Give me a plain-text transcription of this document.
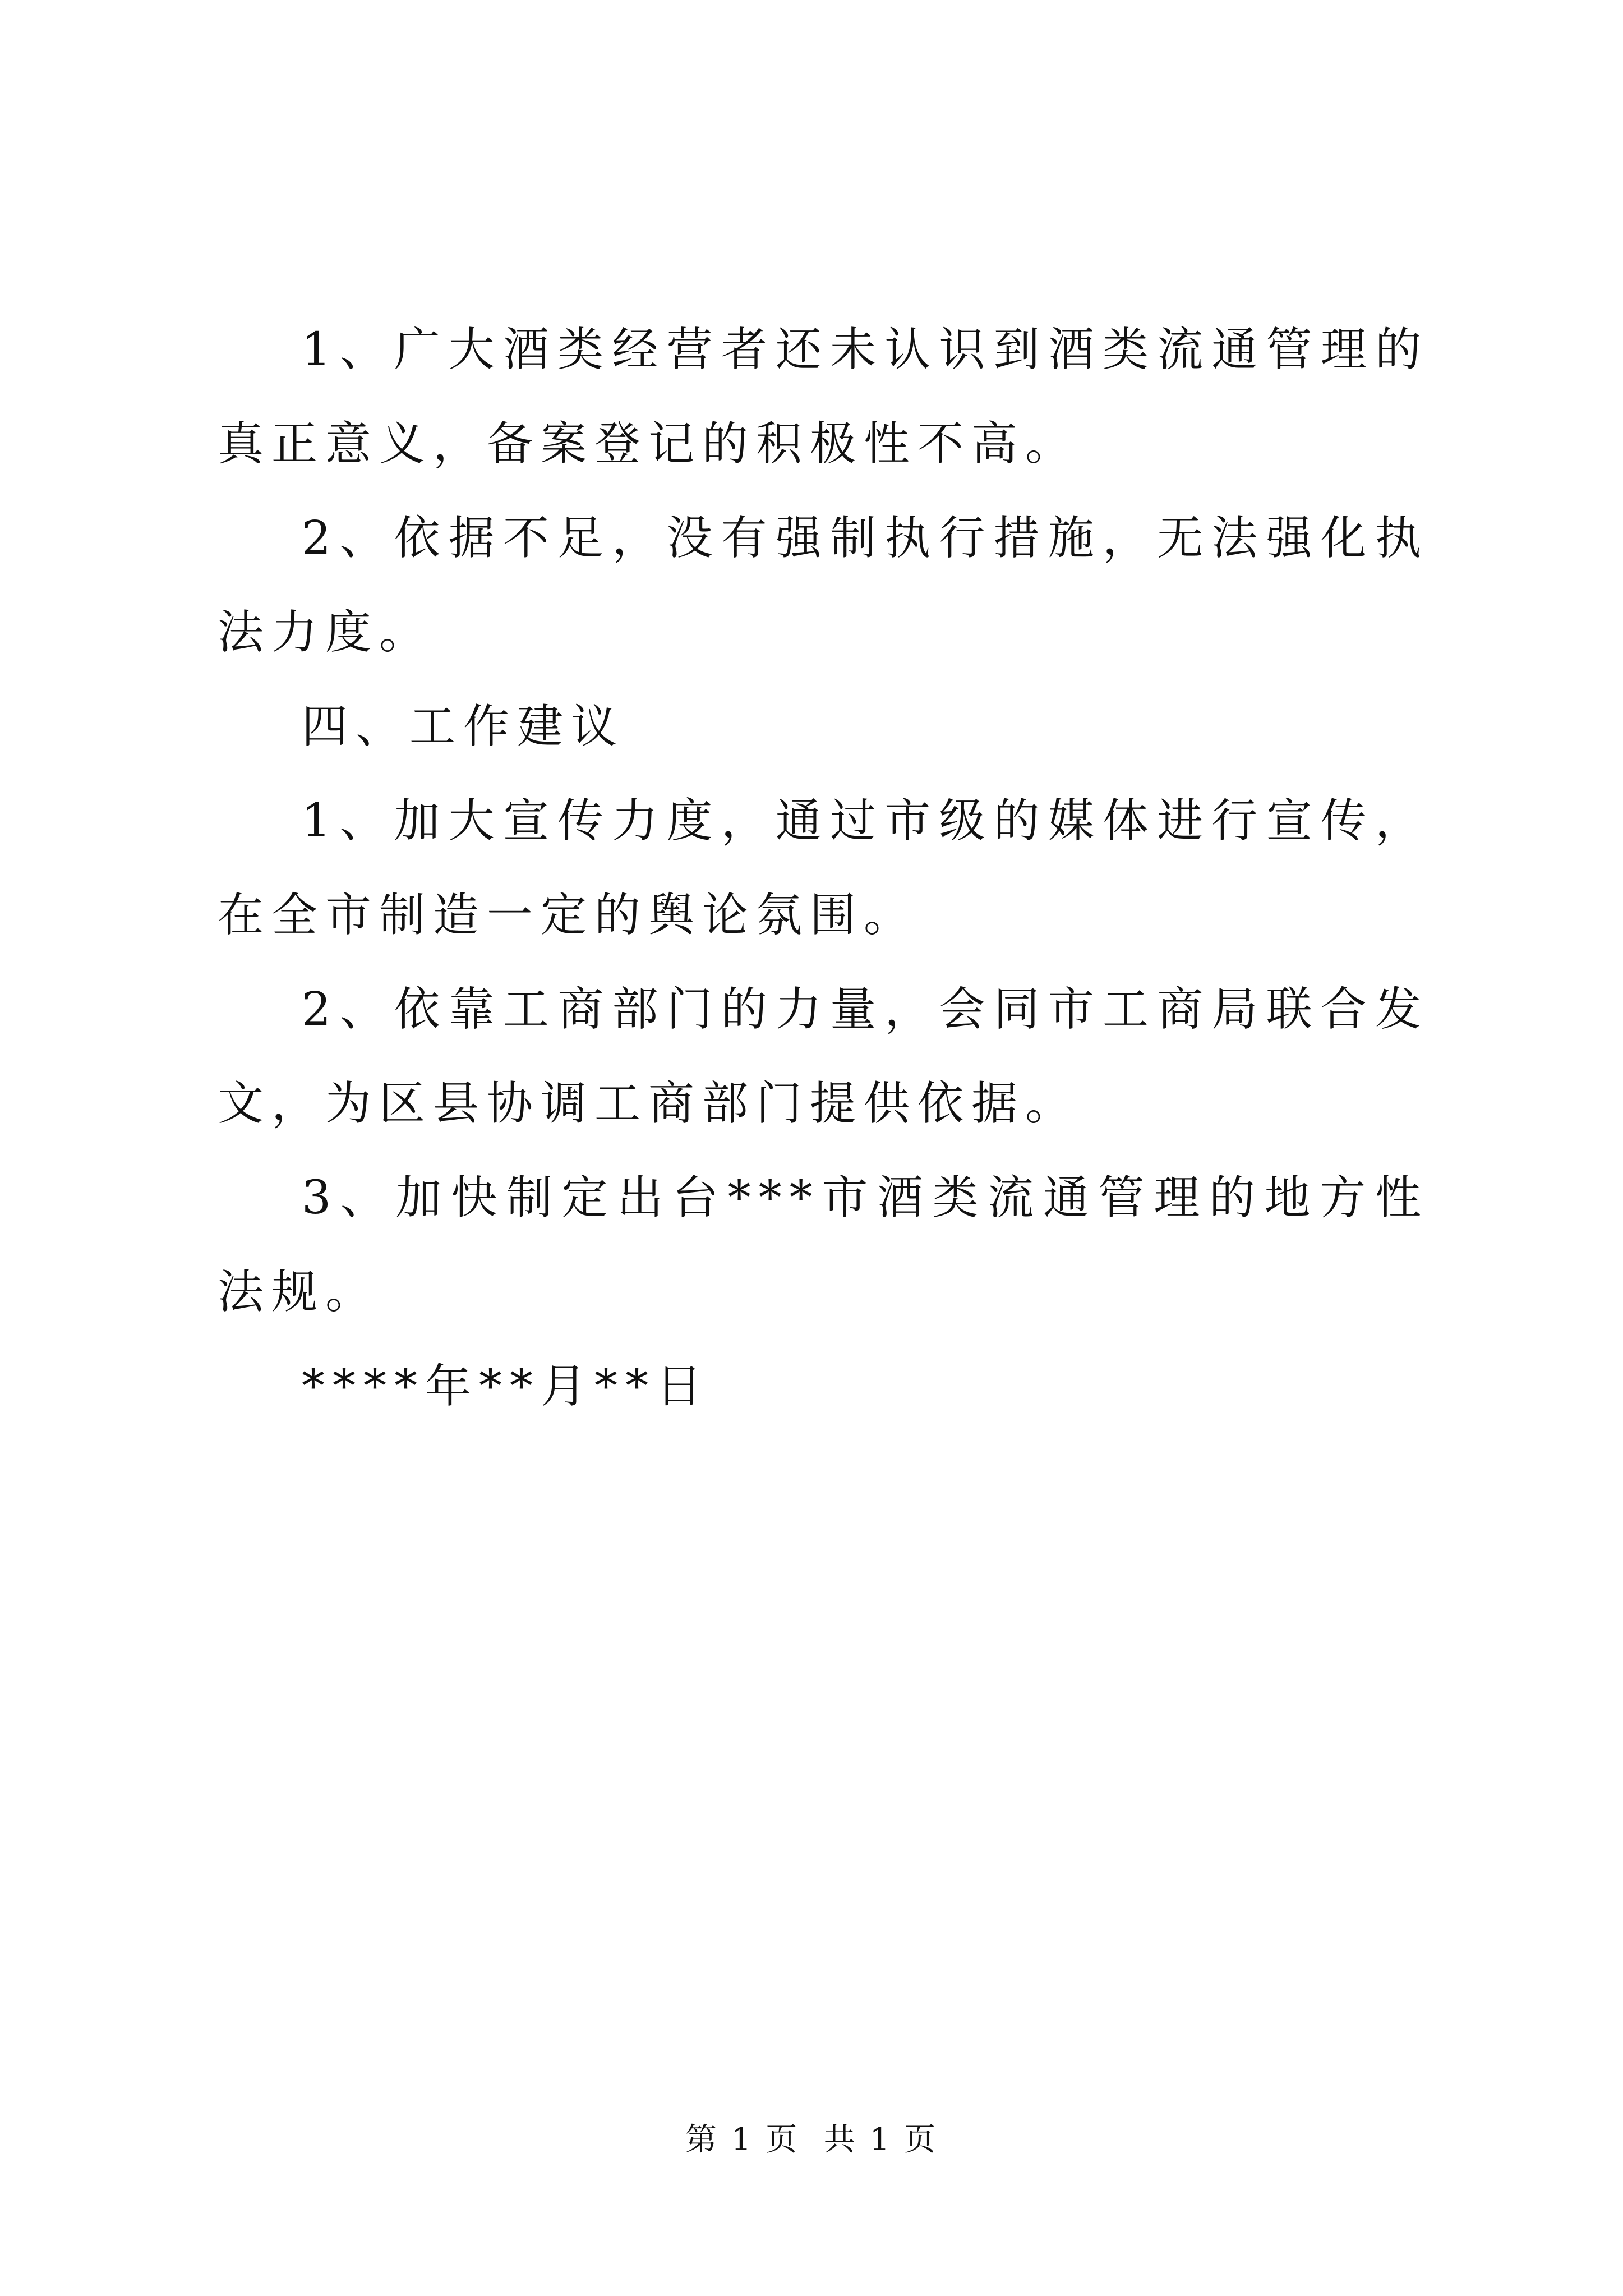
1、广大酒类经营者还未认识到酒类流通管理的真正意义，备案登记的积极性不高。

2、依据不足，没有强制执行措施，无法强化执法力度。

四、工作建议

1、加大宣传力度，通过市级的媒体进行宣传，在全市制造一定的舆论氛围。

2、依靠工商部门的力量，会同市工商局联合发文，为区县协调工商部门提供依据。

3、加快制定出台***市酒类流通管理的地方性法规。

****年**月**日

第 1 页  共 1 页
